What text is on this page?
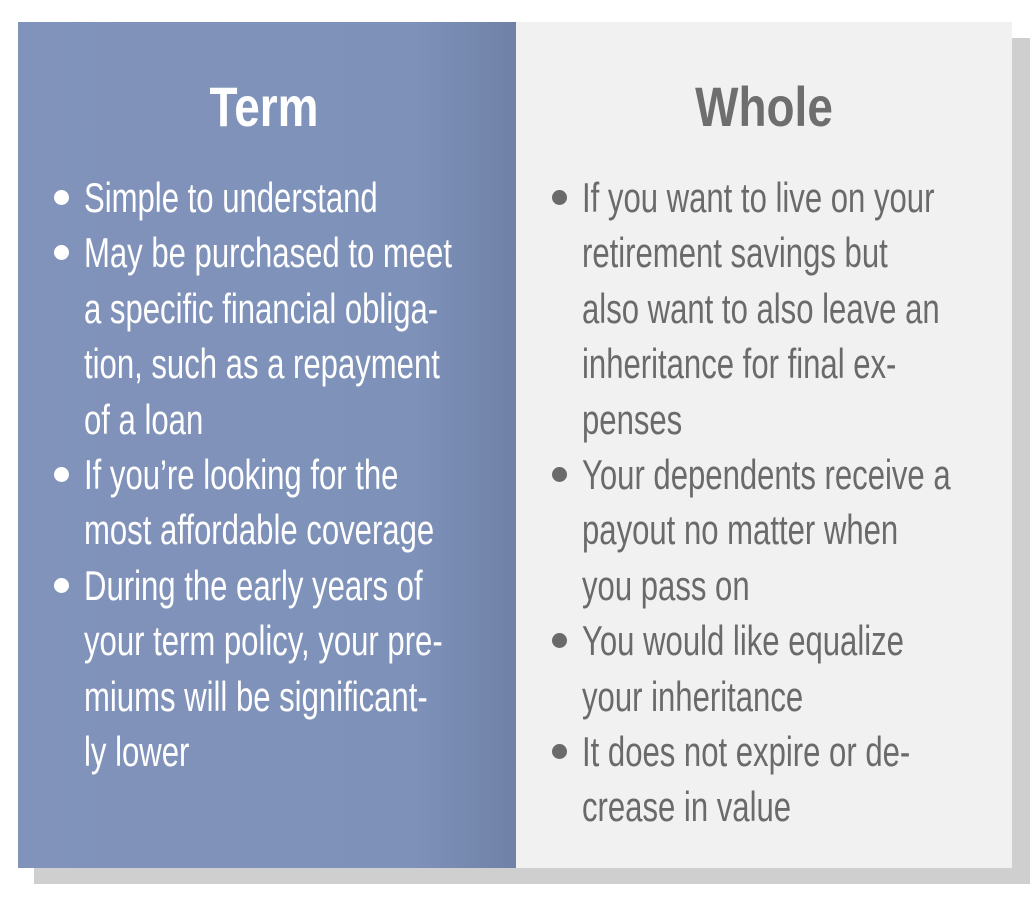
Term
Simple to understand
May be purchased to meet
a specific financial obliga-
tion, such as a repayment
of a loan
If you’re looking for the
most affordable coverage
During the early years of
your term policy, your pre-
miums will be significant-
ly lower
Whole
If you want to live on your
retirement savings but
also want to also leave an
inheritance for final ex-
penses
Your dependents receive a
payout no matter when
you pass on
You would like equalize
your inheritance
It does not expire or de-
crease in value
